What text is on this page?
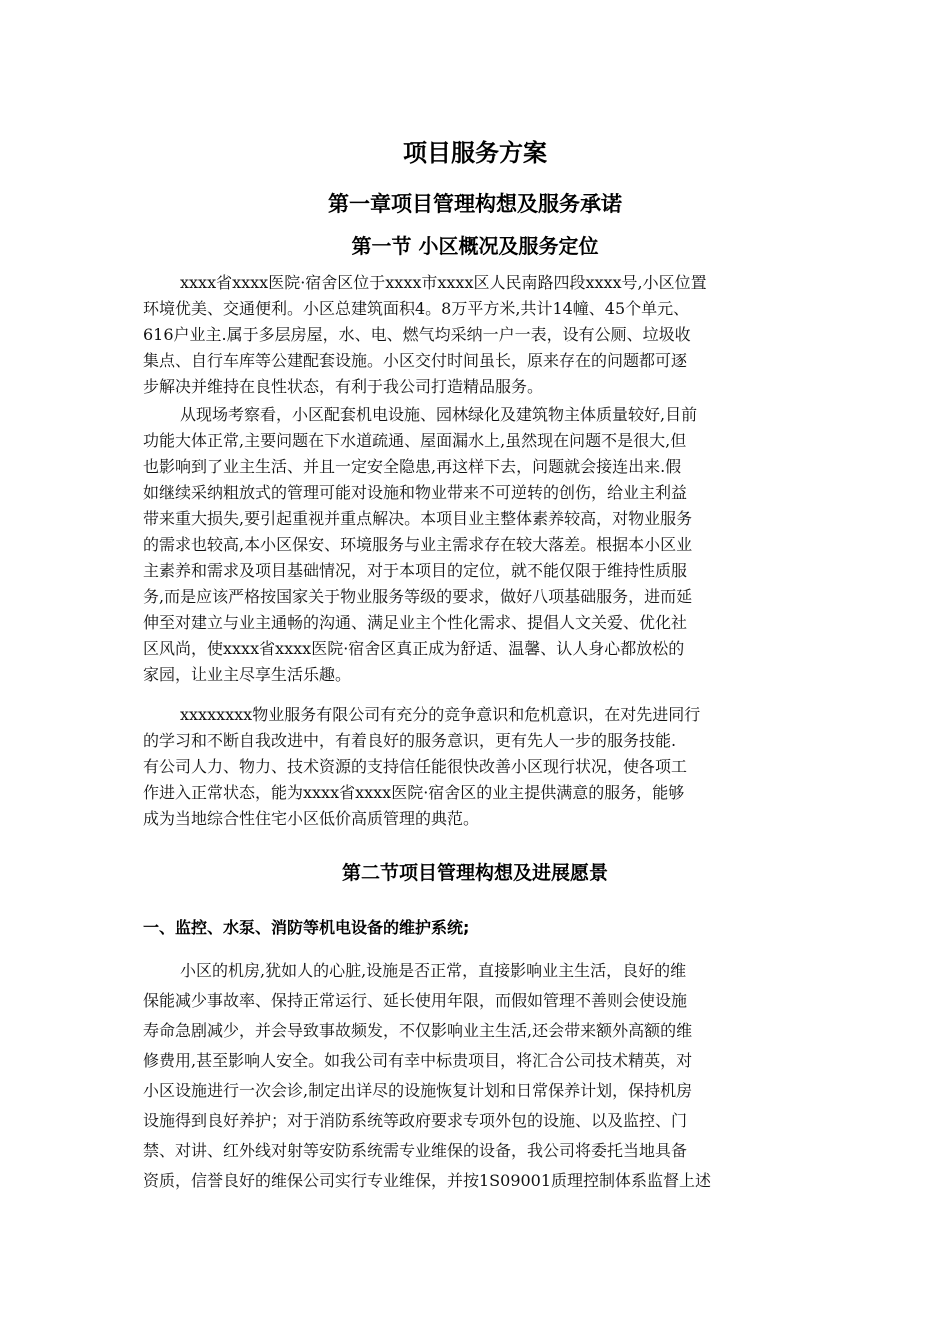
项目服务方案
第一章项目管理构想及服务承诺
第一节 小区概况及服务定位
xxxx省xxxx医院·宿舍区位于xxxx市xxxx区人民南路四段xxxx号,小区位置
环境优美、交通便利。小区总建筑面积4。8万平方米,共计14幢、45个单元、
616户业主.属于多层房屋，水、电、燃气均采纳一户一表，设有公厕、垃圾收
集点、自行车库等公建配套设施。小区交付时间虽长，原来存在的问题都可逐
步解决并维持在良性状态，有利于我公司打造精品服务。
从现场考察看，小区配套机电设施、园林绿化及建筑物主体质量较好,目前
功能大体正常,主要问题在下水道疏通、屋面漏水上,虽然现在问题不是很大,但
也影响到了业主生活、并且一定安全隐患,再这样下去，问题就会接连出来.假
如继续采纳粗放式的管理可能对设施和物业带来不可逆转的创伤，给业主利益
带来重大损失,要引起重视并重点解决。本项目业主整体素养较高，对物业服务
的需求也较高,本小区保安、环境服务与业主需求存在较大落差。根据本小区业
主素养和需求及项目基础情况，对于本项目的定位，就不能仅限于维持性质服
务,而是应该严格按国家关于物业服务等级的要求，做好八项基础服务，进而延
伸至对建立与业主通畅的沟通、满足业主个性化需求、提倡人文关爱、优化社
区风尚，使xxxx省xxxx医院·宿舍区真正成为舒适、温馨、认人身心都放松的
家园，让业主尽享生活乐趣。
xxxxxxxx物业服务有限公司有充分的竞争意识和危机意识，在对先进同行
的学习和不断自我改进中，有着良好的服务意识，更有先人一步的服务技能.
有公司人力、物力、技术资源的支持信任能很快改善小区现行状况，使各项工
作进入正常状态，能为xxxx省xxxx医院·宿舍区的业主提供满意的服务，能够
成为当地综合性住宅小区低价高质管理的典范。
第二节项目管理构想及进展愿景
一、监控、水泵、消防等机电设备的维护系统;
小区的机房,犹如人的心脏,设施是否正常，直接影响业主生活，良好的维
保能减少事故率、保持正常运行、延长使用年限，而假如管理不善则会使设施
寿命急剧减少，并会导致事故频发，不仅影响业主生活,还会带来额外高额的维
修费用,甚至影响人安全。如我公司有幸中标贵项目，将汇合公司技术精英，对
小区设施进行一次会诊,制定出详尽的设施恢复计划和日常保养计划，保持机房
设施得到良好养护；对于消防系统等政府要求专项外包的设施、以及监控、门
禁、对讲、红外线对射等安防系统需专业维保的设备，我公司将委托当地具备
资质，信誉良好的维保公司实行专业维保，并按1S09001质理控制体系监督上述
